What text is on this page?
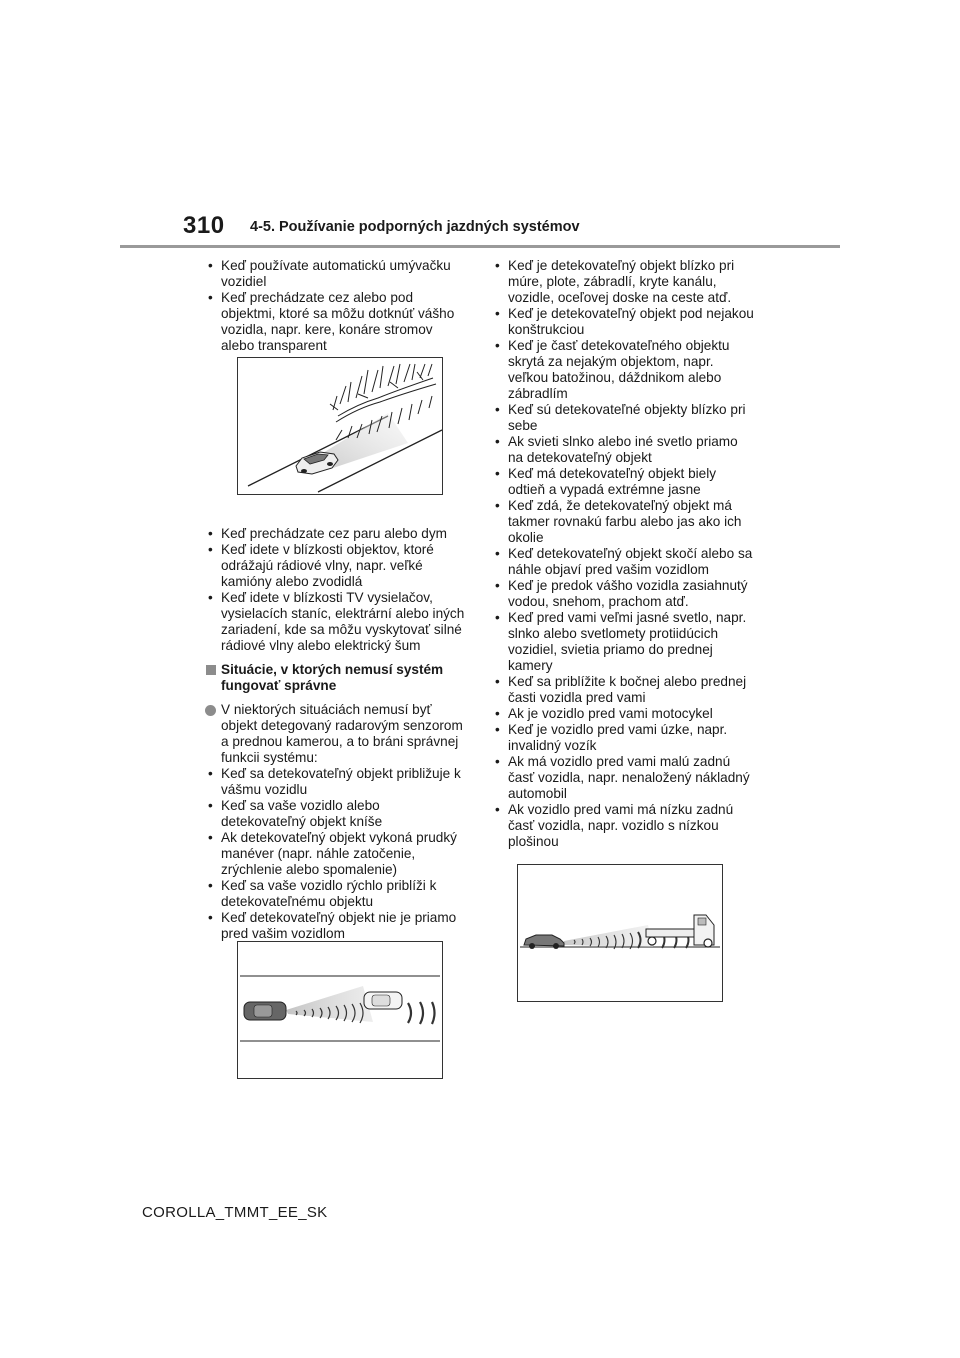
310 4-5. Používanie podporných jazdných systémov
• Keď používate automatickú umývačku vozidiel
• Keď prechádzate cez alebo pod objektmi, ktoré sa môžu dotknúť vášho vozidla, napr. kere, konáre stromov alebo transparent
• Keď prechádzate cez paru alebo dym
• Keď idete v blízkosti objektov, ktoré odrážajú rádiové vlny, napr. veľké kamióny alebo zvodidlá
• Keď idete v blízkosti TV vysielačov, vysielacích staníc, elektrární alebo iných zariadení, kde sa môžu vyskytovať silné rádiové vlny alebo elektrický šum
Situácie, v ktorých nemusí systém fungovať správne
V niektorých situáciách nemusí byť objekt detegovaný radarovým senzorom a prednou kamerou, a to bráni správnej funkcii systému:
• Keď sa detekovateľný objekt približuje k vášmu vozidlu
• Keď sa vaše vozidlo alebo detekovateľný objekt kníše
• Ak detekovateľný objekt vykoná prudký manéver (napr. náhle zatočenie, zrýchlenie alebo spomalenie)
• Keď sa vaše vozidlo rýchlo priblíži k detekovateľnému objektu
• Keď detekovateľný objekt nie je priamo pred vašim vozidlom
• Keď je detekovateľný objekt blízko pri múre, plote, zábradlí, kryte kanálu, vozidle, oceľovej doske na ceste atď.
• Keď je detekovateľný objekt pod nejakou konštrukciou
• Keď je časť detekovateľného objektu skrytá za nejakým objektom, napr. veľkou batožinou, dáždnikom alebo zábradlím
• Keď sú detekovateľné objekty blízko pri sebe
• Ak svieti slnko alebo iné svetlo priamo na detekovateľný objekt
• Keď má detekovateľný objekt biely odtieň a vypadá extrémne jasne
• Keď zdá, že detekovateľný objekt má takmer rovnakú farbu alebo jas ako ich okolie
• Keď detekovateľný objekt skočí alebo sa náhle objaví pred vašim vozidlom
• Keď je predok vášho vozidla zasiahnutý vodou, snehom, prachom atď.
• Keď pred vami veľmi jasné svetlo, napr. slnko alebo svetlomety protiidúcich vozidiel, svietia priamo do prednej kamery
• Keď sa priblížite k bočnej alebo prednej časti vozidla pred vami
• Ak je vozidlo pred vami motocykel
• Keď je vozidlo pred vami úzke, napr. invalidný vozík
• Ak má vozidlo pred vami malú zadnú časť vozidla, napr. nenaložený nákladný automobil
• Ak vozidlo pred vami má nízku zadnú časť vozidla, napr. vozidlo s nízkou plošinou
COROLLA_TMMT_EE_SK
